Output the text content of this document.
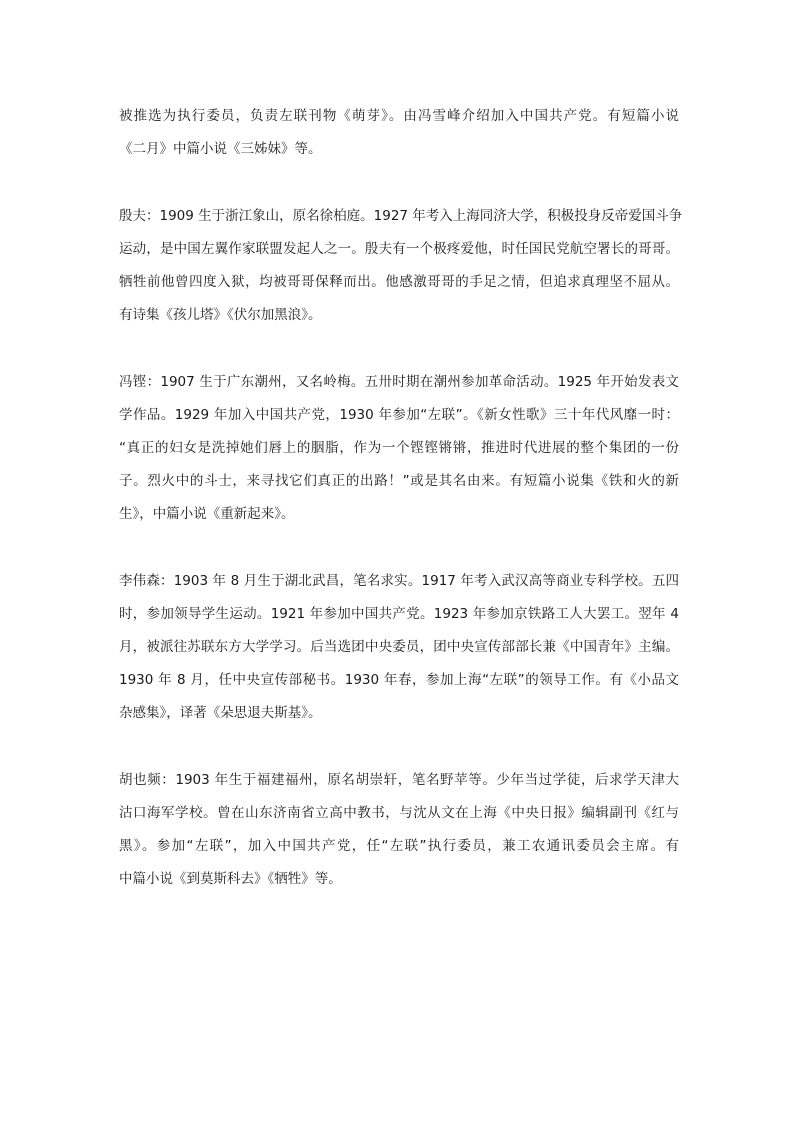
被推选为执行委员，负责左联刊物《萌芽》。由冯雪峰介绍加入中国共产党。有短篇小说
《二月》中篇小说《三姊妹》等。
殷夫：1909 生于浙江象山，原名徐柏庭。1927 年考入上海同济大学，积极投身反帝爱国斗争
运动，是中国左翼作家联盟发起人之一。殷夫有一个极疼爱他，时任国民党航空署长的哥哥。
牺牲前他曾四度入狱，均被哥哥保释而出。他感激哥哥的手足之情，但追求真理坚不屈从。
有诗集《孩儿塔》《伏尔加黑浪》。
冯铿：1907 生于广东潮州，又名岭梅。五卅时期在潮州参加革命活动。1925 年开始发表文
学作品。1929 年加入中国共产党，1930 年参加“左联”。《新女性歌》三十年代风靡一时：
“真正的妇女是洗掉她们唇上的胭脂，作为一个铿铿锵锵，推进时代进展的整个集团的一份
子。烈火中的斗士，来寻找它们真正的出路！”或是其名由来。有短篇小说集《铁和火的新
生》，中篇小说《重新起来》。
李伟森：1903 年 8 月生于湖北武昌，笔名求实。1917 年考入武汉高等商业专科学校。五四
时，参加领导学生运动。1921 年参加中国共产党。1923 年参加京铁路工人大罢工。翌年 4
月，被派往苏联东方大学学习。后当选团中央委员，团中央宣传部部长兼《中国青年》主编。
1930 年 8 月，任中央宣传部秘书。1930 年春，参加上海“左联”的领导工作。有《小品文
杂感集》，译著《朵思退夫斯基》。
胡也频：1903 年生于福建福州，原名胡崇轩，笔名野苹等。少年当过学徒，后求学天津大
沽口海军学校。曾在山东济南省立高中教书，与沈从文在上海《中央日报》编辑副刊《红与
黑》。参加“左联”，加入中国共产党，任“左联”执行委员，兼工农通讯委员会主席。有
中篇小说《到莫斯科去》《牺牲》等。
